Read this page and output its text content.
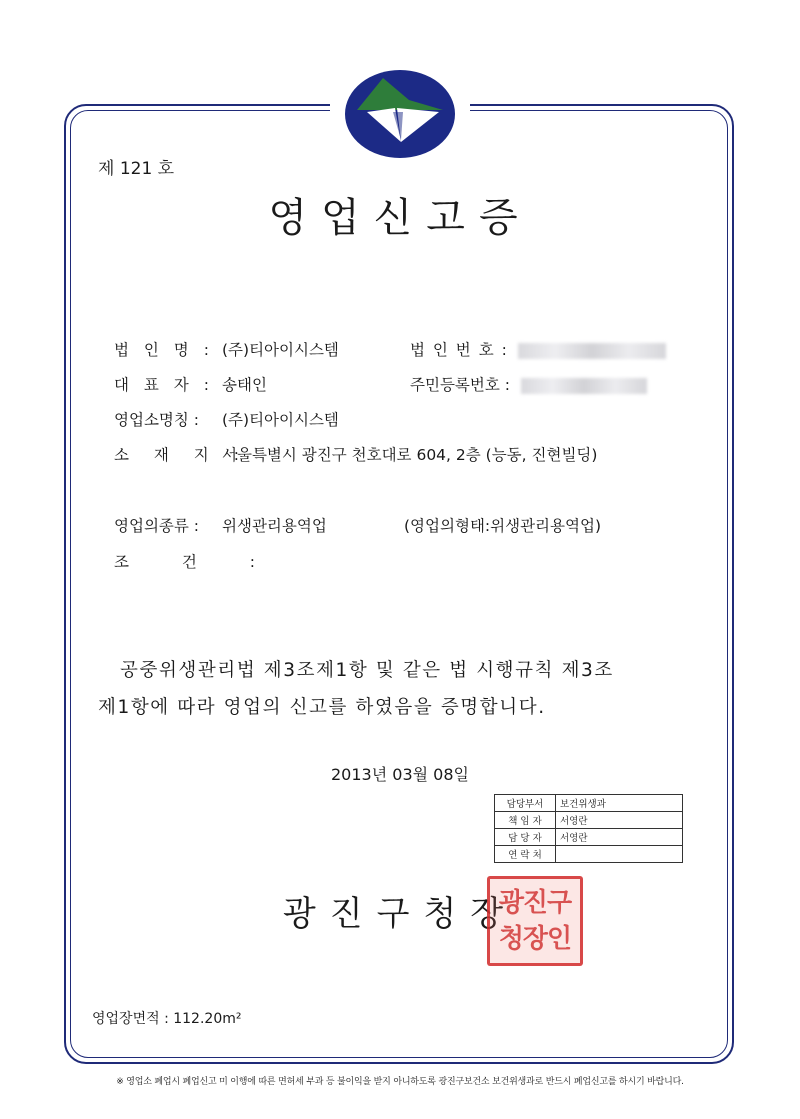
제 121 호
영업신고증
법 인 명 : (주)티아이시스템	법 인 번 호 :
대 표 자 : 송태인	주민등록번호 :
영업소명칭 : (주)티아이시스템
소 재 지 :서울특별시 광진구 천호대로 604, 2층 (능동, 진현빌딩)
영업의종류 : 위생관리용역업	(영업의형태:위생관리용역업)
조 건 :
공중위생관리법 제3조제1항 및 같은 법 시행규칙 제3조
제1항에 따라 영업의 신고를 하였음을 증명합니다.
2013년 03월 08일
담당부서	보건위생과
책 임 자	서영란
담 당 자	서영란
연 락 처	
광진구청장
광진구
청장인
영업장면적 : 112.20m²
※ 영업소 폐업시 폐업신고 미 이행에 따른 면허세 부과 등 불이익을 받지 아니하도록 광진구보건소 보건위생과로 반드시 폐업신고를 하시기 바랍니다.
